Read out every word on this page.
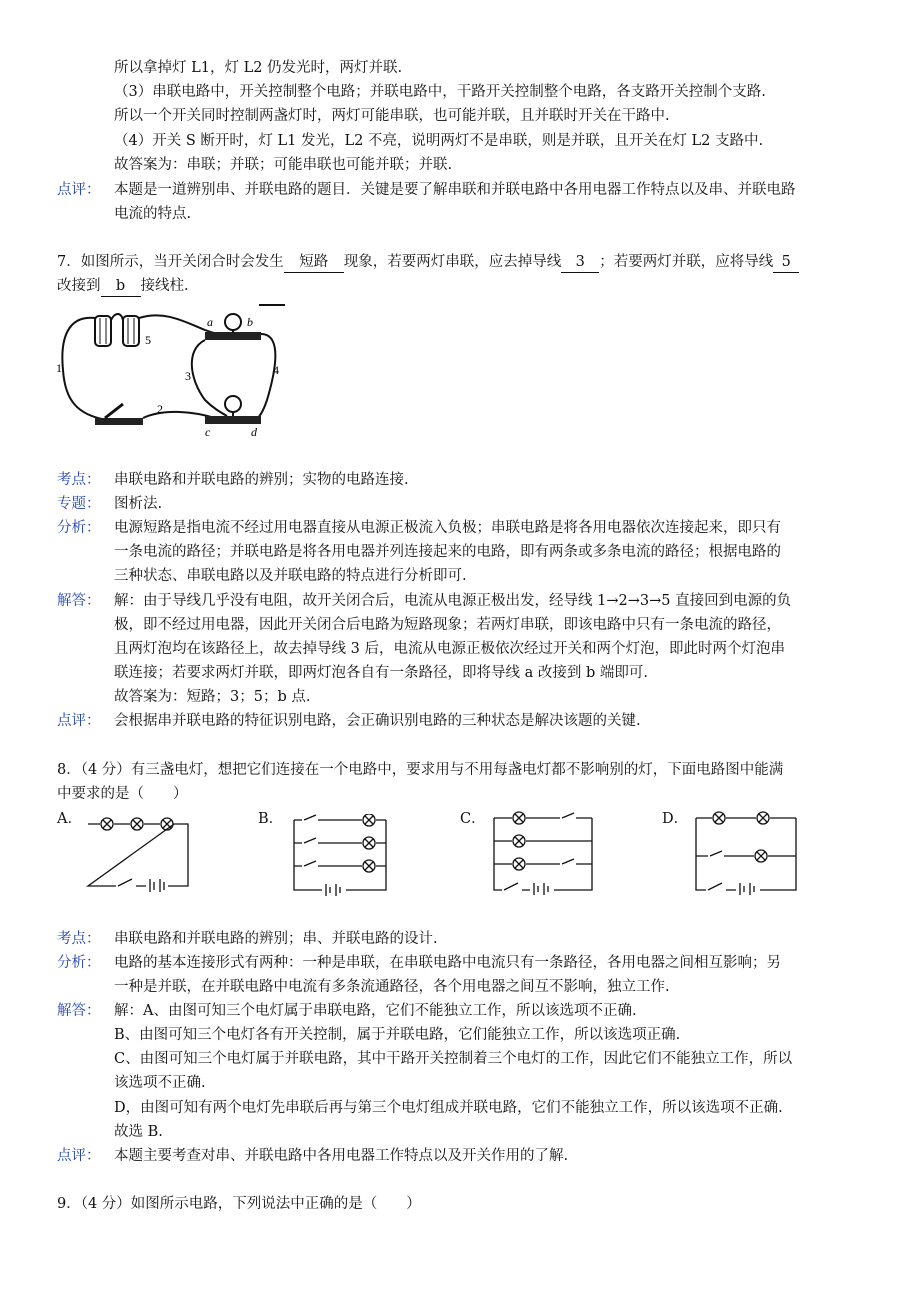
所以拿掉灯 L1，灯 L2 仍发光时，两灯并联.
（3）串联电路中，开关控制整个电路；并联电路中，干路开关控制整个电路，各支路开关控制个支路.
所以一个开关同时控制两盏灯时，两灯可能串联，也可能并联，且并联时开关在干路中.
（4）开关 S 断开时，灯 L1 发光，L2 不亮，说明两灯不是串联，则是并联，且开关在灯 L2 支路中.
故答案为：串联；并联；可能串联也可能并联；并联.
点评： 本题是一道辨别串、并联电路的题目．关键是要了解串联和并联电路中各用电器工作特点以及串、并联电路
电流的特点.
7．如图所示，当开关闭合时会发生 短路 现象，若要两灯串联，应去掉导线 3 ；若要两灯并联，应将导线 5
改接到 b 接线柱.
a	b
c	d
1
2
3	4
5
考点： 串联电路和并联电路的辨别；实物的电路连接.
专题： 图析法.
分析： 电源短路是指电流不经过用电器直接从电源正极流入负极；串联电路是将各用电器依次连接起来，即只有
一条电流的路径；并联电路是将各用电器并列连接起来的电路，即有两条或多条电流的路径；根据电路的
三种状态、串联电路以及并联电路的特点进行分析即可.
解答： 解：由于导线几乎没有电阻，故开关闭合后，电流从电源正极出发，经导线 1→2→3→5 直接回到电源的负
极，即不经过用电器，因此开关闭合后电路为短路现象；若两灯串联，即该电路中只有一条电流的路径，
且两灯泡均在该路径上，故去掉导线 3 后，电流从电源正极依次经过开关和两个灯泡，即此时两个灯泡串
联连接；若要求两灯并联，即两灯泡各自有一条路径，即将导线 a 改接到 b 端即可.
故答案为：短路；3；5；b 点.
点评： 会根据串并联电路的特征识别电路，会正确识别电路的三种状态是解决该题的关键.
8．（4 分）有三盏电灯，想把它们连接在一个电路中，要求用与不用每盏电灯都不影响别的灯，下面电路图中能满
中要求的是（　　）
A．	B．	C．	D．
考点： 串联电路和并联电路的辨别；串、并联电路的设计.
分析： 电路的基本连接形式有两种：一种是串联，在串联电路中电流只有一条路径，各用电器之间相互影响；另
一种是并联，在并联电路中电流有多条流通路径，各个用电器之间互不影响，独立工作.
解答： 解：A、由图可知三个电灯属于串联电路，它们不能独立工作，所以该选项不正确.
B、由图可知三个电灯各有开关控制，属于并联电路，它们能独立工作，所以该选项正确.
C、由图可知三个电灯属于并联电路，其中干路开关控制着三个电灯的工作，因此它们不能独立工作，所以
该选项不正确.
D，由图可知有两个电灯先串联后再与第三个电灯组成并联电路，它们不能独立工作，所以该选项不正确.
故选 B.
点评： 本题主要考查对串、并联电路中各用电器工作特点以及开关作用的了解.
9．（4 分）如图所示电路，下列说法中正确的是（　　）
